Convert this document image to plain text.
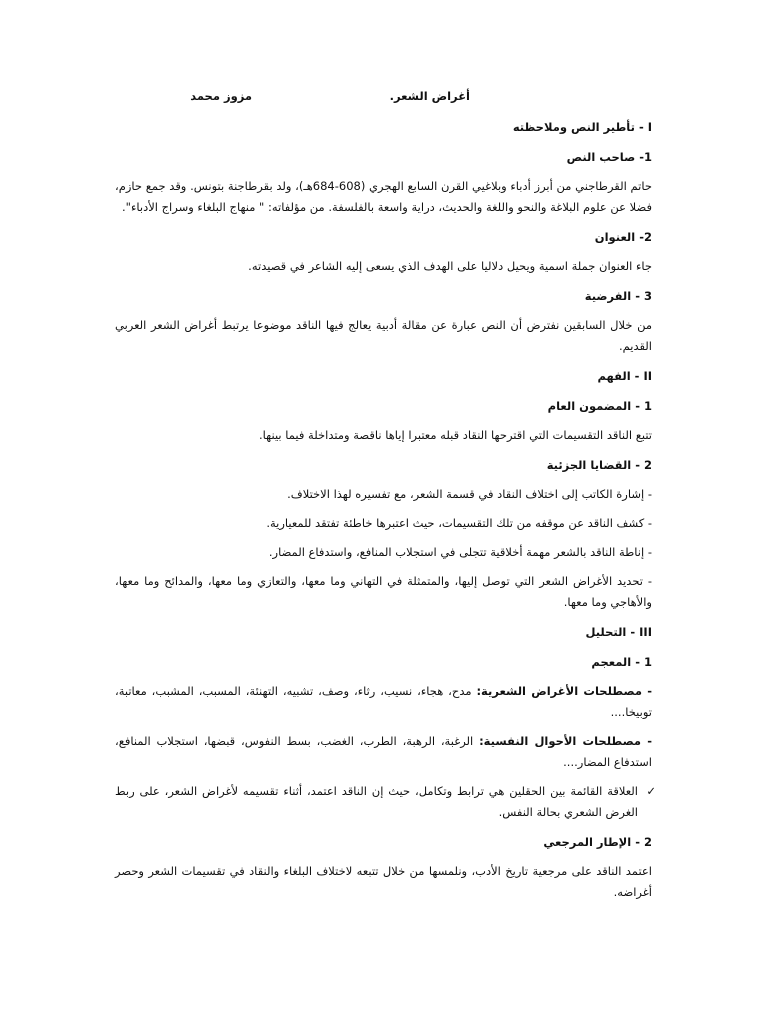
أغراض الشعر.
مزوز محمد
I - تأطير النص وملاحظته
1- صاحب النص
حاتم القرطاجني من أبرز أدباء وبلاغيي القرن السابع الهجري (608-684هـ)، ولد بقرطاجنة بتونس. وقد جمع حازم، فضلا عن علوم البلاغة والنحو واللغة والحديث، دراية واسعة بالفلسفة. من مؤلفاته: " منهاج البلغاء وسراج الأدباء".
2- العنوان
جاء العنوان جملة اسمية ويحيل دلاليا على الهدف الذي يسعى إليه الشاعر في قصيدته.
3 - الفرضية
من خلال السابقين نفترض أن النص عبارة عن مقالة أدبية يعالج فيها الناقد موضوعا يرتبط أغراض الشعر العربي القديم.
II - الفهم
1 - المضمون العام
تتبع الناقد التقسيمات التي اقترحها النقاد قبله معتبرا إياها ناقصة ومتداخلة فيما بينها.
2 - القضايا الجزئية
- إشارة الكاتب إلى اختلاف النقاد في قسمة الشعر، مع تفسيره لهذا الاختلاف.
- كشف الناقد عن موقفه من تلك التقسيمات، حيث اعتبرها خاطئة تفتقد للمعيارية.
- إناطة الناقد بالشعر مهمة أخلاقية تتجلى في استجلاب المنافع، واستدفاع المضار.
- تحديد الأغراض الشعر التي توصل إليها، والمتمثلة في التهاني وما معها، والتعازي وما معها، والمدائح وما معها، والأهاجي وما معها.
III - التحليل
1 - المعجم
- مصطلحات الأغراض الشعرية: مدح، هجاء، نسيب، رثاء، وصف، تشبيه، التهنئة، المسبب، المشبب، معاتبة، توبيخا....
- مصطلحات الأحوال النفسية: الرغبة، الرهبة، الطرب، الغضب، بسط النفوس، قبضها، استجلاب المنافع، استدفاع المضار....
✓
العلاقة القائمة بين الحقلين هي ترابط وتكامل، حيث إن الناقد اعتمد، أثناء تقسيمه لأغراض الشعر، على ربط الغرض الشعري بحالة النفس.
2 - الإطار المرجعي
اعتمد الناقد على مرجعية تاريخ الأدب، ونلمسها من خلال تتبعه لاختلاف البلغاء والنقاد في تقسيمات الشعر وحصر أغراضه.
